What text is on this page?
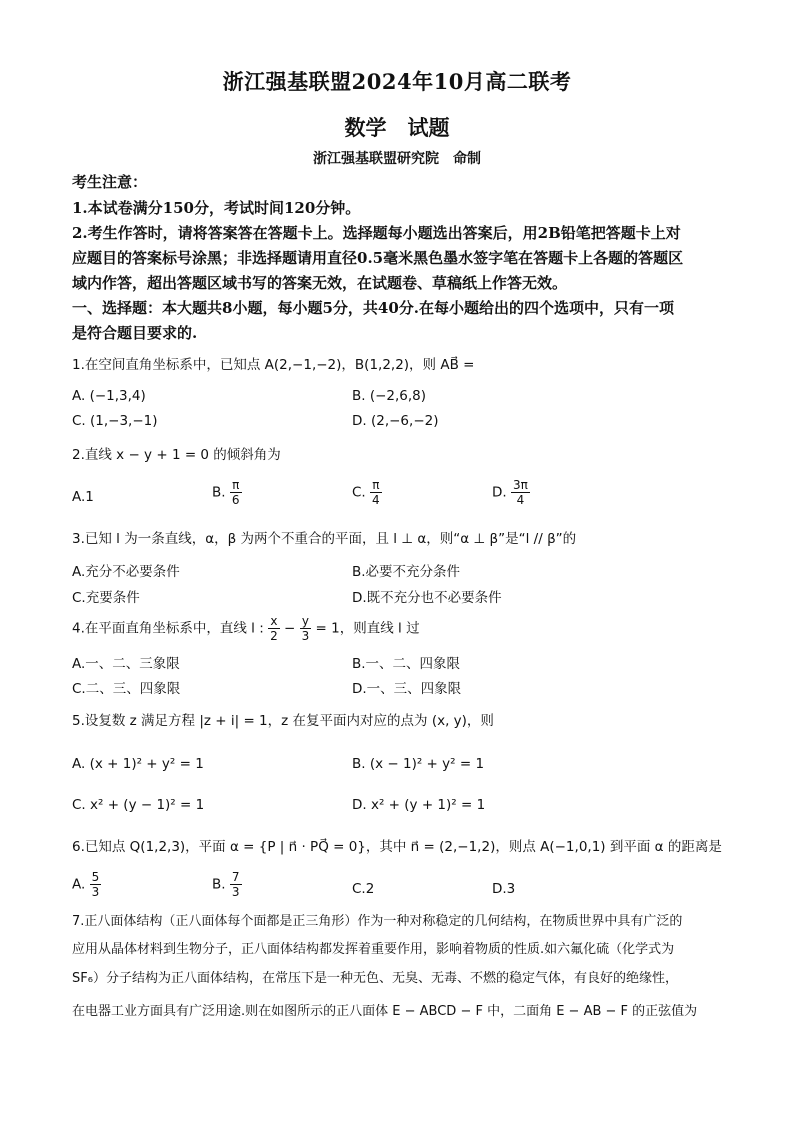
浙江强基联盟2024年10月高二联考
数学　试题
浙江强基联盟研究院　命制
考生注意：
1.本试卷满分150分，考试时间120分钟。
2.考生作答时，请将答案答在答题卡上。选择题每小题选出答案后，用2B铅笔把答题卡上对
应题目的答案标号涂黑；非选择题请用直径0.5毫米黑色墨水签字笔在答题卡上各题的答题区
域内作答，超出答题区域书写的答案无效，在试题卷、草稿纸上作答无效。
一、选择题：本大题共8小题，每小题5分，共40分.在每小题给出的四个选项中，只有一项
是符合题目要求的.
1.在空间直角坐标系中，已知点 A(2,−1,−2)，B(1,2,2)，则 AB⃗ =
A. (−1,3,4)	B. (−2,6,8)
C. (1,−3,−1)	D. (2,−6,−2)
2.直线 x − y + 1 = 0 的倾斜角为
A.1	B. $\frac{\pi}{6}$	C. $\frac{\pi}{4}$	D. $\frac{3\pi}{4}$
3.已知 l 为一条直线，α，β 为两个不重合的平面，且 l ⊥ α，则“α ⊥ β”是“l // β”的
A.充分不必要条件	B.必要不充分条件
C.充要条件	D.既不充分也不必要条件
4.在平面直角坐标系中，直线 l : $\frac{x}{2} - \frac{y}{3} = 1$，则直线 l 过
A.一、二、三象限	B.一、二、四象限
C.二、三、四象限	D.一、三、四象限
5.设复数 z 满足方程 |z + i| = 1，z 在复平面内对应的点为 (x, y)，则
A. (x + 1)² + y² = 1	B. (x − 1)² + y² = 1
C. x² + (y − 1)² = 1	D. x² + (y + 1)² = 1
6.已知点 Q(1,2,3)，平面 α = {P | n⃗ · PQ⃗ = 0}，其中 n⃗ = (2,−1,2)，则点 A(−1,0,1) 到平面 α 的距离是
A. $\frac{5}{3}$	B. $\frac{7}{3}$	C.2	D.3
7.正八面体结构（正八面体每个面都是正三角形）作为一种对称稳定的几何结构，在物质世界中具有广泛的
应用从晶体材料到生物分子，正八面体结构都发挥着重要作用，影响着物质的性质.如六氟化硫（化学式为
SF₆）分子结构为正八面体结构，在常压下是一种无色、无臭、无毒、不燃的稳定气体，有良好的绝缘性，
在电器工业方面具有广泛用途.则在如图所示的正八面体 E − ABCD − F 中，二面角 E − AB − F 的正弦值为
